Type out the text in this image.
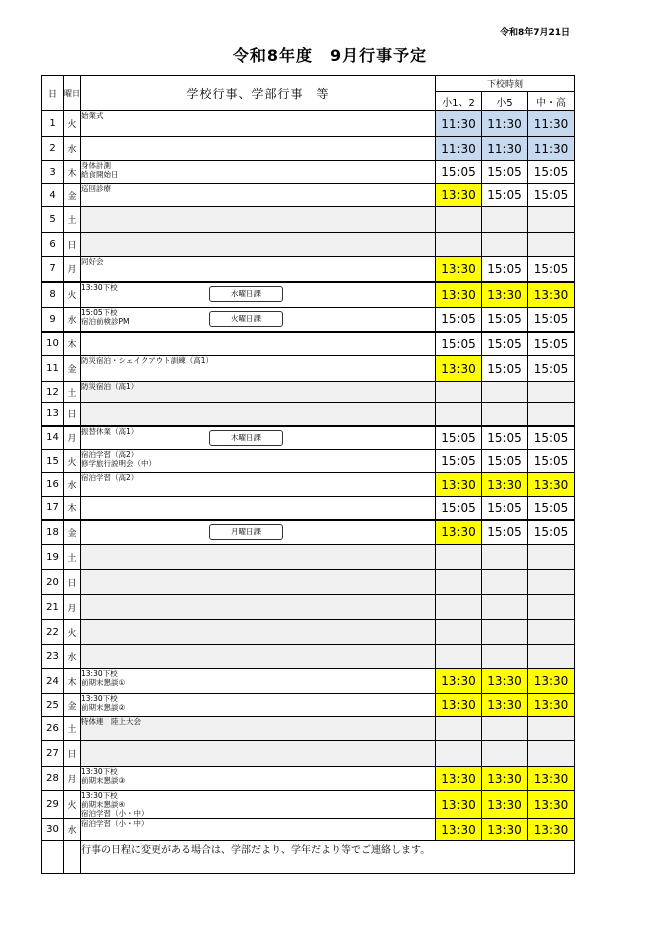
令和8年7月21日
令和8年度　9月行事予定
日	曜日	学校行事、学部行事　等	下校時刻		
			小1、2	小5	中・高
1	火	始業式	11:30	11:30	11:30
2	水		11:30	11:30	11:30
3	木	身体計測
給食開始日	15:05	15:05	15:05
4	金	巡回診療	13:30	15:05	15:05
5	土				
6	日				
7	月	同好会	13:30	15:05	15:05
8	火	13:30下校
水曜日課	13:30	13:30	13:30
9	水	15:05下校
宿泊前検診PM 火曜日課	15:05	15:05	15:05
10	木		15:05	15:05	15:05
11	金	防災宿泊・シェイクアウト訓練（高1）	13:30	15:05	15:05
12	土	防災宿泊（高1）			

13	日				
14	月	振替休業（高1）
木曜日課	15:05	15:05	15:05
15	火	宿泊学習（高2）
修学旅行説明会（中）	15:05	15:05	15:05
16	水	宿泊学習（高2）	13:30	13:30	13:30
17	木		15:05	15:05	15:05
18	金	月曜日課	13:30	15:05	15:05
19	土				
20	日				
21	月				
22	火				
23	水				
24	木	13:30下校
前期末懇談①	13:30	13:30	13:30
25	金	13:30下校
前期末懇談②	13:30	13:30	13:30
26	土	特体連　陸上大会			

27	日				
28	月	13:30下校
前期末懇談③	13:30	13:30	13:30
29	火	13:30下校
前期末懇談④
宿泊学習（小・中）	13:30	13:30	13:30
30	水	宿泊学習（小・中）	13:30	13:30	13:30
		行事の日程に変更がある場合は、学部だより、学年だより等でご連絡します。			
